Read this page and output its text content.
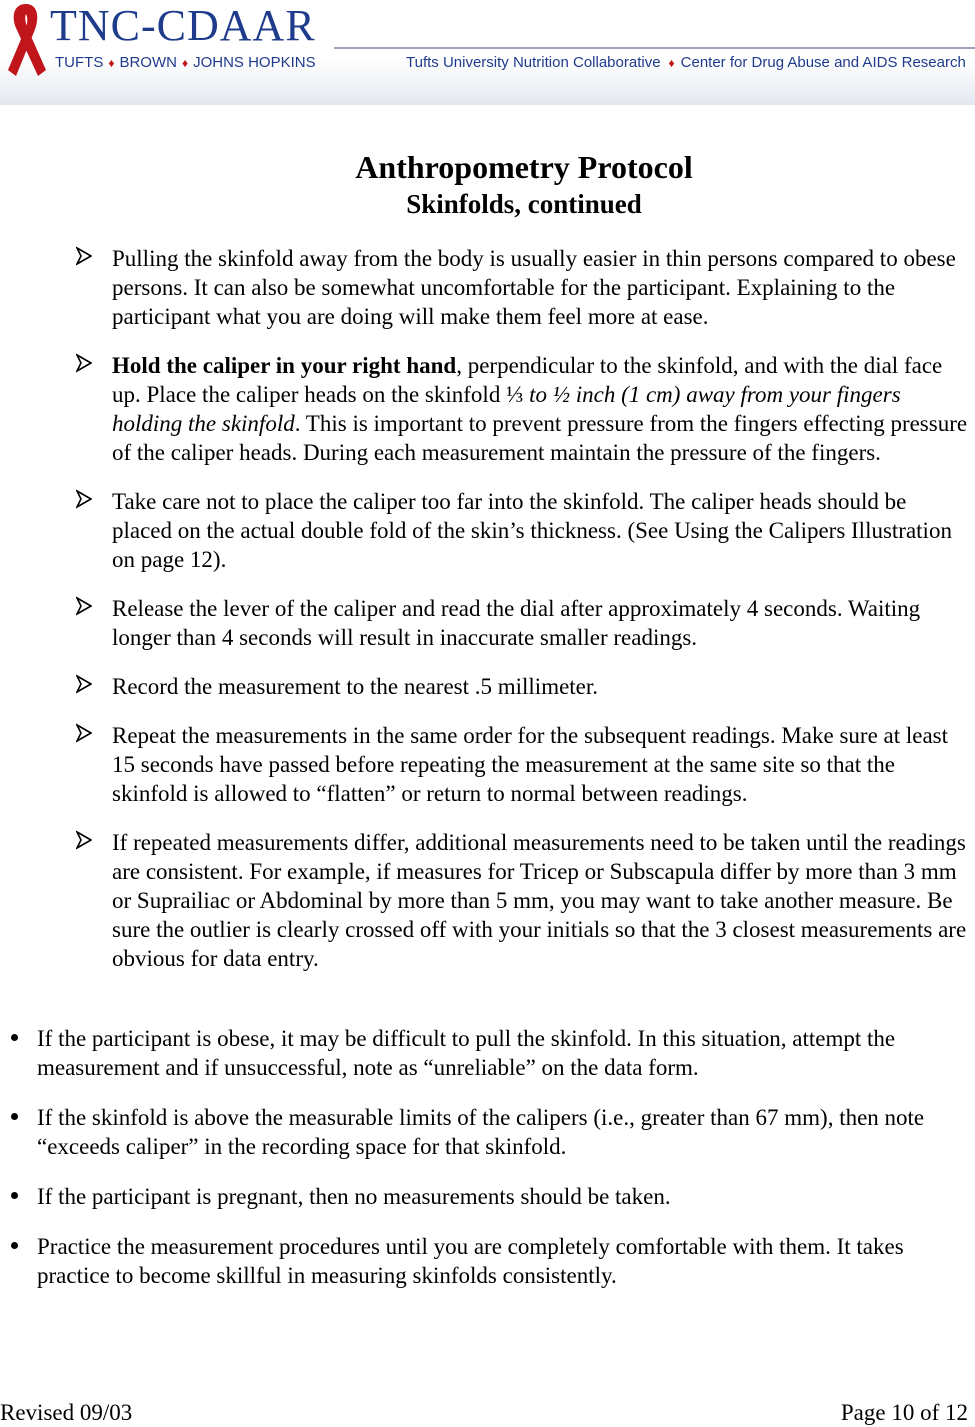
TNC-CDAAR
TUFTS ♦ BROWN ♦ JOHNS HOPKINS	Tufts University Nutrition Collaborative ♦ Center for Drug Abuse and AIDS Research
Anthropometry Protocol
Skinfolds, continued
Pulling the skinfold away from the body is usually easier in thin persons compared to obese persons. It can also be somewhat uncomfortable for the participant. Explaining to the participant what you are doing will make them feel more at ease.
Hold the caliper in your right hand, perpendicular to the skinfold, and with the dial face up. Place the caliper heads on the skinfold ⅓ to ½ inch (1 cm) away from your fingers holding the skinfold. This is important to prevent pressure from the fingers effecting pressure of the caliper heads. During each measurement maintain the pressure of the fingers.
Take care not to place the caliper too far into the skinfold. The caliper heads should be placed on the actual double fold of the skin’s thickness. (See Using the Calipers Illustration on page 12).
Release the lever of the caliper and read the dial after approximately 4 seconds. Waiting longer than 4 seconds will result in inaccurate smaller readings.
Record the measurement to the nearest .5 millimeter.
Repeat the measurements in the same order for the subsequent readings. Make sure at least 15 seconds have passed before repeating the measurement at the same site so that the skinfold is allowed to “flatten” or return to normal between readings.
If repeated measurements differ, additional measurements need to be taken until the readings are consistent. For example, if measures for Tricep or Subscapula differ by more than 3 mm or Suprailiac or Abdominal by more than 5 mm, you may want to take another measure. Be sure the outlier is clearly crossed off with your initials so that the 3 closest measurements are obvious for data entry.
If the participant is obese, it may be difficult to pull the skinfold. In this situation, attempt the measurement and if unsuccessful, note as “unreliable” on the data form.
If the skinfold is above the measurable limits of the calipers (i.e., greater than 67 mm), then note “exceeds caliper” in the recording space for that skinfold.
If the participant is pregnant, then no measurements should be taken.
Practice the measurement procedures until you are completely comfortable with them. It takes practice to become skillful in measuring skinfolds consistently.
Revised 09/03	Page 10 of 12
